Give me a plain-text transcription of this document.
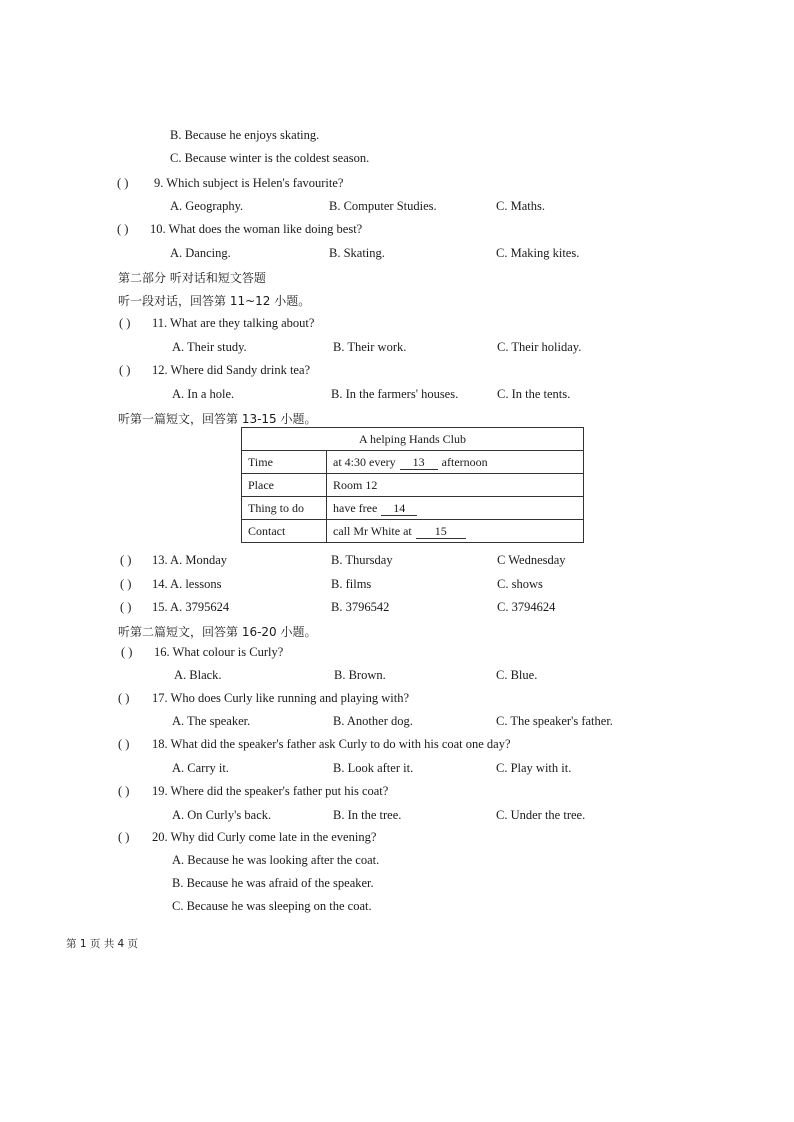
B. Because he enjoys skating.
C. Because winter is the coldest season.
( ) 9. Which subject is Helen's favourite?
A. Geography.	B. Computer Studies.	C. Maths.
( ) 10. What does the woman like doing best?
A. Dancing.	B. Skating.	C. Making kites.
第二部分 听对话和短文答题
听一段对话，回答第 11~12 小题。
( ) 11. What are they talking about?
A. Their study.	B. Their work.	C. Their holiday.
( ) 12. Where did Sandy drink tea?
A. In a hole.	B. In the farmers' houses.	C. In the tents.
听第一篇短文，回答第 13-15 小题。
A helping Hands Club	
Time	at 4:30 every 13 afternoon
Place	Room 12
Thing to do	have free 14
Contact	call Mr White at 15
( ) 13. A. Monday	B. Thursday	C Wednesday
( ) 14. A. lessons	B. films	C. shows
( ) 15. A. 3795624	B. 3796542	C. 3794624
听第二篇短文，回答第 16-20 小题。
( ) 16. What colour is Curly?
A. Black.	B. Brown.	C. Blue.
( ) 17. Who does Curly like running and playing with?
A. The speaker.	B. Another dog.	C. The speaker's father.
( ) 18. What did the speaker's father ask Curly to do with his coat one day?
A. Carry it.	B. Look after it.	C. Play with it.
( ) 19. Where did the speaker's father put his coat?
A. On Curly's back.	B. In the tree.	C. Under the tree.
( ) 20. Why did Curly come late in the evening?
A. Because he was looking after the coat.
B. Because he was afraid of the speaker.
C. Because he was sleeping on the coat.
第 1 页 共 4 页
